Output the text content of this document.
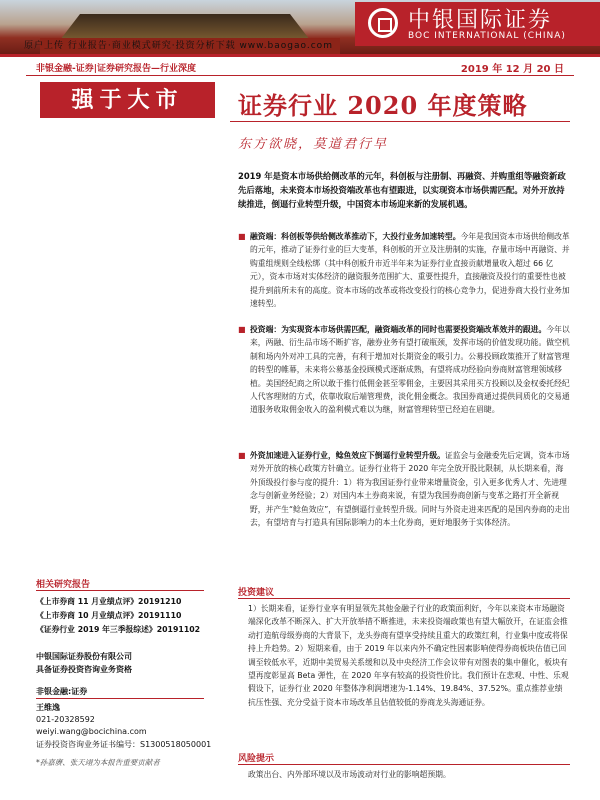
中银国际证券
BOC INTERNATIONAL (CHINA)
原户上传 行业报告·商业模式研究·投资分析下载 www.baogao.com
非银金融-证券|证券研究报告—行业深度	2019 年 12 月 20 日
强于大市	证券行业 2020 年度策略
东方欲晓，莫道君行早
2019 年是资本市场供给侧改革的元年，科创板与注册制、再融资、并购重组等融资新政先后落地，未来资本市场投资端改革也有望跟进，以实现资本市场供需匹配。对外开放持续推进，倒逼行业转型升级，中国资本市场迎来新的发展机遇。
■ 融资端：科创板等供给侧改革推动下，大投行业务加速转型。今年是我国资本市场供给侧改革的元年，推动了证券行业的巨大变革，科创板的开立及注册制的实施，存量市场中再融资、并购重组规则全线松绑（其中科创板升市近半年来为证券行业直接贡献增量收入超过 66 亿元），资本市场对实体经济的融资服务范围扩大、重要性提升，直接融资及投行的重要性也被提升到前所未有的高度。资本市场的改革或将改变投行的核心竞争力，促进券商大投行业务加速转型。
■ 投资端：为实现资本市场供需匹配，融资端改革的同时也需要投资端改革效并的跟进。今年以来，两融、衍生品市场不断扩容，融券业务有望打破瓶颈，发挥市场的价值发现功能。做空机制和场内外对冲工具的完善，有利于增加对长期资金的吸引力。公募投顾政策推开了财富管理的转型的帷幕，未来将公募基金投顾模式逐渐成熟，有望将成功经验向券商财富管理领域移植。美国经纪商之所以敢于推行低佣金甚至零佣金，主要因其采用买方投顾以及金权委托经纪人代客理财的方式，依靠收取后端管理费，淡化佣金概念。我国券商通过提供同质化的交易通道服务收取佣金收入的盈利模式难以为继，财富管理转型已经迫在眉睫。
■ 外资加速进入证券行业，鲶鱼效应下倒逼行业转型升级。证监会与金融委先后定调，资本市场对外开放的核心政策方针确立。证券行业将于 2020 年完全放开股比限制，从长期来看，海外顶级投行参与度的提升：1）将为我国证券行业带来增量资金，引入更多优秀人才、先进理念与创新业务经验；2）对国内本土券商来说，有望为我国券商创新与变革之路打开全新视野，并产生“鲶鱼效应”，有望倒逼行业转型升级。同时与外资走进来匹配的是国内券商的走出去，有望培育与打造具有国际影响力的本土化券商，更好地服务于实体经济。
投资建议
1）长期来看，证券行业享有明显领先其他金融子行业的政策面利好，今年以来资本市场融资端深化改革不断深入、扩大开放举措不断推进，未来投资端政策也有望大幅放开，在证监会推动打造航母级券商的大背景下，龙头券商有望享受持续且重大的政策红利，行业集中度或将保持上升趋势。2）短期来看，由于 2019 年以来内外不确定性因素影响使得券商板块估值已回调至较低水平，近期中美贸易关系缓和以及中央经济工作会议带有对图表的集中催化，板块有望再度彰显高 Beta 弹性，在 2020 年享有较高的投资性价比。我们预计在悲观、中性、乐观假设下，证券行业 2020 年整体净利润增速为-1.14%、19.84%、37.52%。重点推荐业绩抗压性强、充分受益于资本市场改革且估值较低的券商龙头海通证券。
风险提示
政策出台、内外部环境以及市场波动对行业的影响超预期。
相关研究报告
《上市券商 11 月业绩点评》20191210
《上市券商 10 月业绩点评》20191110
《证券行业 2019 年三季报综述》20191102
中银国际证券股份有限公司
具备证券投资咨询业务资格
非银金融:证券
王维逸
021-20328592
weiyi.wang@bocichina.com
证券投资咨询业务证书编号：S1300518050001
*孙嘉赓、张天翊为本报告重要贡献者
